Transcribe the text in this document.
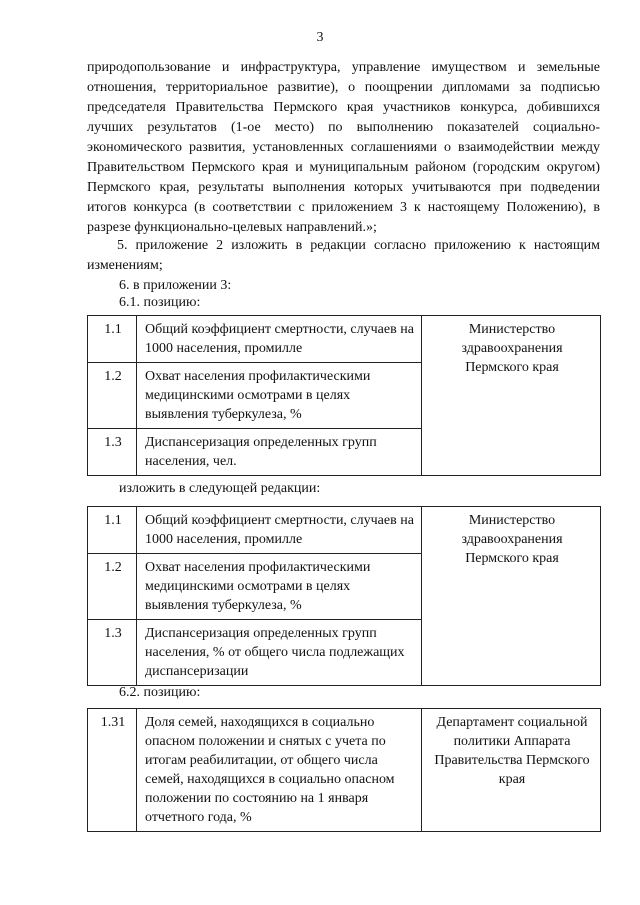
3
природопользование и инфраструктура, управление имуществом и земельные отношения, территориальное развитие), о поощрении дипломами за подписью председателя Правительства Пермского края участников конкурса, добившихся лучших результатов (1-ое место) по выполнению показателей социально-экономического развития, установленных соглашениями о взаимодействии между Правительством Пермского края и муниципальным районом (городским округом) Пермского края, результаты выполнения которых учитываются при подведении итогов конкурса (в соответствии с приложением 3 к настоящему Положению), в разрезе функционально-целевых направлений.»;
5. приложение 2 изложить в редакции согласно приложению к настоящим изменениям;
6. в приложении 3:
6.1. позицию:
1.1	Общий коэффициент смертности, случаев на 1000 населения, промилле	Министерство здравоохранения Пермского края
1.2	Охват населения профилактическими медицинскими осмотрами в целях выявления туберкулеза, %	
1.3	Диспансеризация определенных групп населения, чел.	
изложить в следующей редакции:
1.1	Общий коэффициент смертности, случаев на 1000 населения, промилле	Министерство здравоохранения Пермского края
1.2	Охват населения профилактическими медицинскими осмотрами в целях выявления туберкулеза, %	
1.3	Диспансеризация определенных групп населения, % от общего числа подлежащих диспансеризации	
6.2. позицию:
1.31	Доля семей, находящихся в социально опасном положении и снятых с учета по итогам реабилитации, от общего числа семей, находящихся в социально опасном положении по состоянию на 1 января отчетного года, %	Департамент социальной политики Аппарата Правительства Пермского края
